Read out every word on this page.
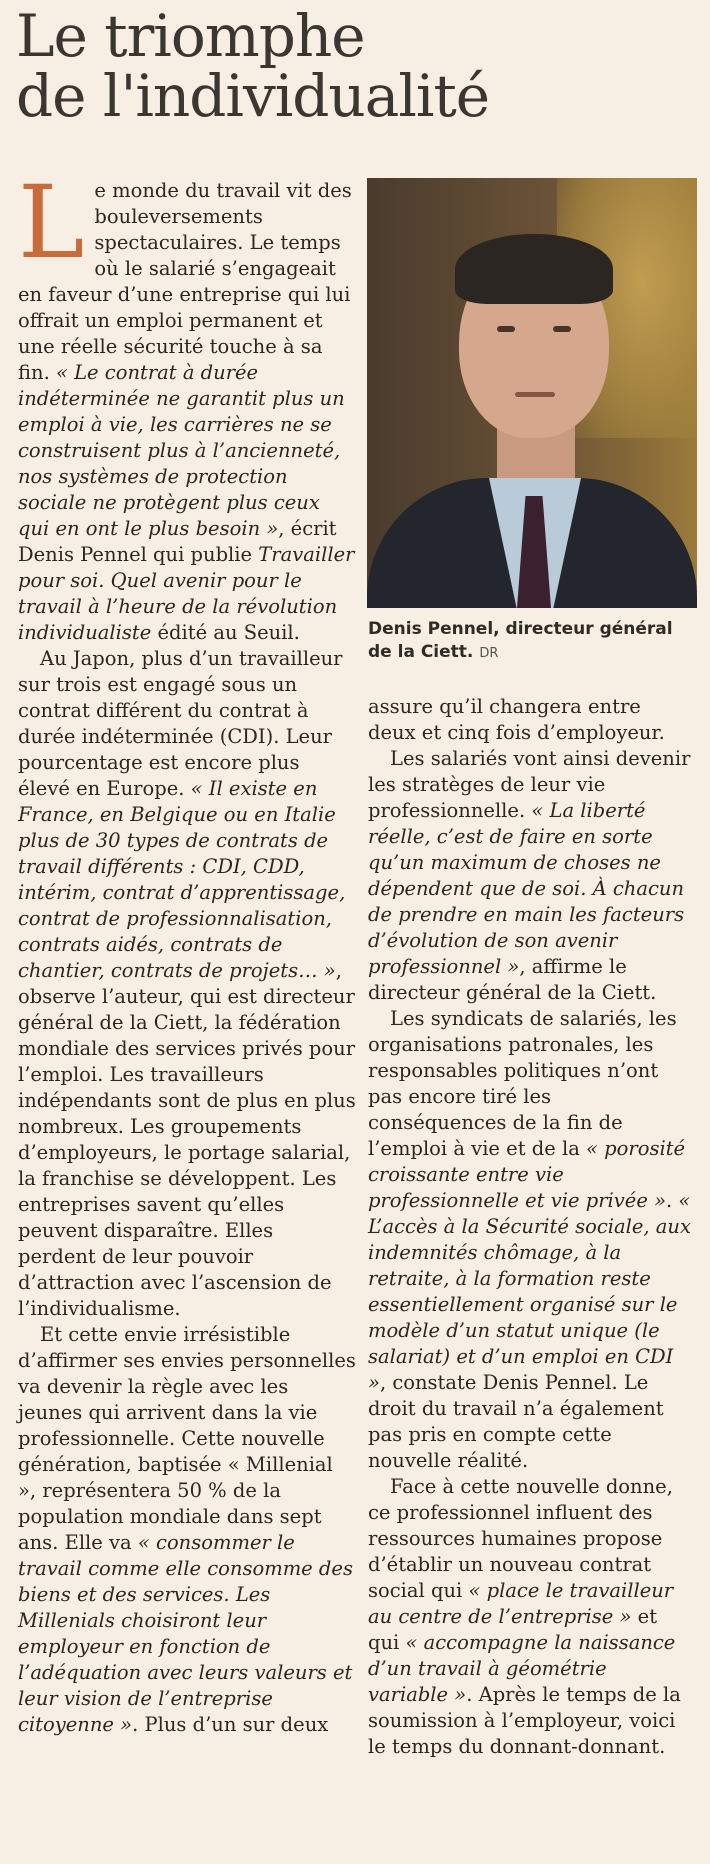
Le triomphe
de l'individualité

L e monde du travail vit des bouleversements spectaculaires. Le temps où le salarié s’engageait en faveur d’une entreprise qui lui offrait un emploi permanent et une réelle sécurité touche à sa fin. « Le contrat à durée indéterminée ne garantit plus un emploi à vie, les carrières ne se construisent plus à l’ancienneté, nos systèmes de protection sociale ne protègent plus ceux qui en ont le plus besoin », écrit Denis Pennel qui publie Travailler pour soi. Quel avenir pour le travail à l’heure de la révolution individualiste édité au Seuil.

Au Japon, plus d’un travailleur sur trois est engagé sous un contrat différent du contrat à durée indéterminée (CDI). Leur pourcentage est encore plus élevé en Europe. « Il existe en France, en Belgique ou en Italie plus de 30 types de contrats de travail différents : CDI, CDD, intérim, contrat d’apprentissage, contrat de professionnalisation, contrats aidés, contrats de chantier, contrats de projets… », observe l’auteur, qui est directeur général de la Ciett, la fédération mondiale des services privés pour l’emploi. Les travailleurs indépendants sont de plus en plus nombreux. Les groupements d’employeurs, le portage salarial, la franchise se développent. Les entreprises savent qu’elles peuvent disparaître. Elles perdent de leur pouvoir d’attraction avec l’ascension de l’individualisme.

Et cette envie irrésistible d’affirmer ses envies personnelles va devenir la règle avec les jeunes qui arrivent dans la vie professionnelle. Cette nouvelle génération, baptisée « Millenial », représentera 50 % de la population mondiale dans sept ans. Elle va « consommer le travail comme elle consomme des biens et des services. Les Millenials choisiront leur employeur en fonction de l’adéquation avec leurs valeurs et leur vision de l’entreprise citoyenne ». Plus d’un sur deux

Denis Pennel, directeur général de la Ciett. DR

assure qu’il changera entre deux et cinq fois d’employeur.

Les salariés vont ainsi devenir les stratèges de leur vie professionnelle. « La liberté réelle, c’est de faire en sorte qu’un maximum de choses ne dépendent que de soi. À chacun de prendre en main les facteurs d’évolution de son avenir professionnel », affirme le directeur général de la Ciett.

Les syndicats de salariés, les organisations patronales, les responsables politiques n’ont pas encore tiré les conséquences de la fin de l’emploi à vie et de la « porosité croissante entre vie professionnelle et vie privée ». « L’accès à la Sécurité sociale, aux indemnités chômage, à la retraite, à la formation reste essentiellement organisé sur le modèle d’un statut unique (le salariat) et d’un emploi en CDI », constate Denis Pennel. Le droit du travail n’a également pas pris en compte cette nouvelle réalité.

Face à cette nouvelle donne, ce professionnel influent des ressources humaines propose d’établir un nouveau contrat social qui « place le travailleur au centre de l’entreprise » et qui « accompagne la naissance d’un travail à géométrie variable ». Après le temps de la soumission à l’employeur, voici le temps du donnant-donnant.
